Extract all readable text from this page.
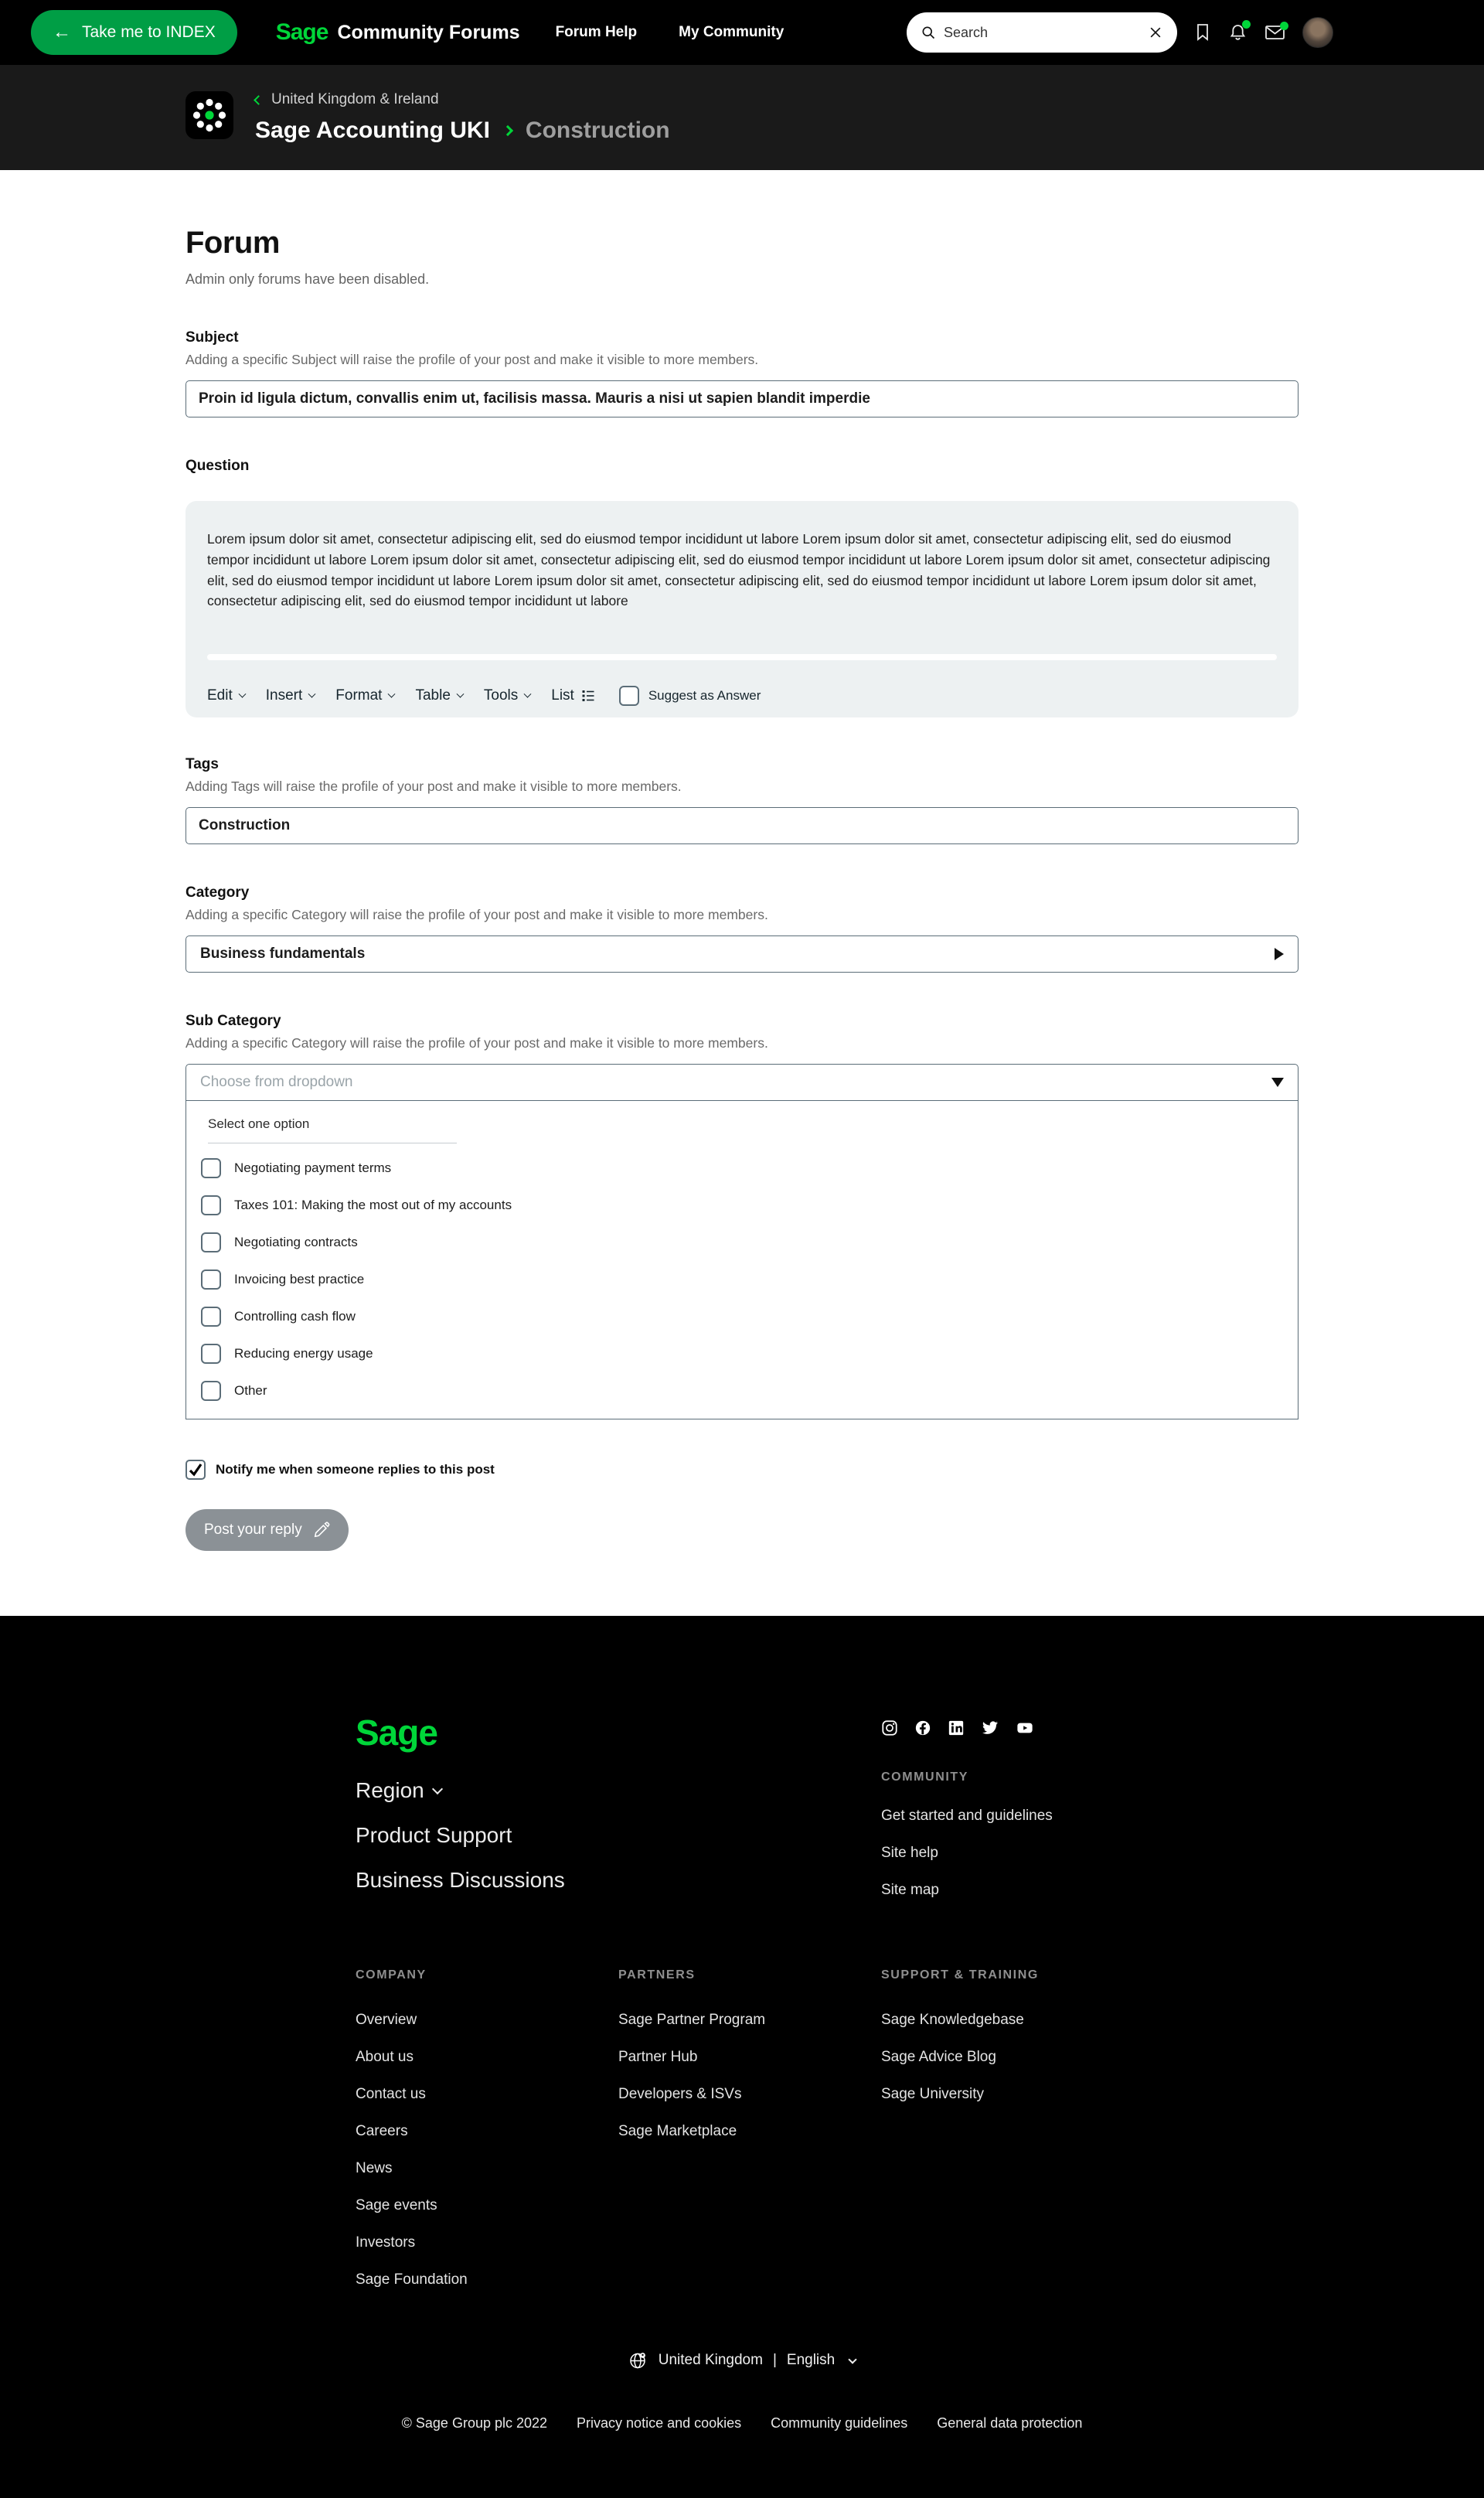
← Take me to INDEX	Sage Community Forums Forum Help	My Community
Search
United Kingdom & Ireland
Sage Accounting UKI Construction
Forum

Admin only forums have been disabled.

Subject
Adding a specific Subject will raise the profile of your post and make it visible to more members.
Proin id ligula dictum, convallis enim ut, facilisis massa. Mauris a nisi ut sapien blandit imperdie
Question
Lorem ipsum dolor sit amet, consectetur adipiscing elit, sed do eiusmod tempor incididunt ut labore Lorem ipsum dolor sit amet, consectetur adipiscing elit, sed do eiusmod tempor incididunt ut labore Lorem ipsum dolor sit amet, consectetur adipiscing elit, sed do eiusmod tempor incididunt ut labore Lorem ipsum dolor sit amet, consectetur adipiscing elit, sed do eiusmod tempor incididunt ut labore Lorem ipsum dolor sit amet, consectetur adipiscing elit, sed do eiusmod tempor incididunt ut labore Lorem ipsum dolor sit amet, consectetur adipiscing elit, sed do eiusmod tempor incididunt ut labore
Edit Insert Format Table Tools List	Suggest as Answer
Tags
Adding Tags will raise the profile of your post and make it visible to more members.
Construction
Category
Adding a specific Category will raise the profile of your post and make it visible to more members.
Business fundamentals
Sub Category
Adding a specific Category will raise the profile of your post and make it visible to more members.
Choose from dropdown
Select one option
Negotiating payment terms
Taxes 101: Making the most out of my accounts
Negotiating contracts
Invoicing best practice
Controlling cash flow
Reducing energy usage
Other
Notify me when someone replies to this post
Post your reply
Sage
Region
Product Support
Business Discussions
COMMUNITY
Get started and guidelines
Site help
Site map
COMPANY
Overview
About us
Contact us
Careers
News
Sage events
Investors
Sage Foundation
PARTNERS
Sage Partner Program
Partner Hub
Developers & ISVs
Sage Marketplace
SUPPORT & TRAINING
Sage Knowledgebase
Sage Advice Blog
Sage University
United Kingdom | English
© Sage Group plc 2022 Privacy notice and cookies Community guidelines General data protection
